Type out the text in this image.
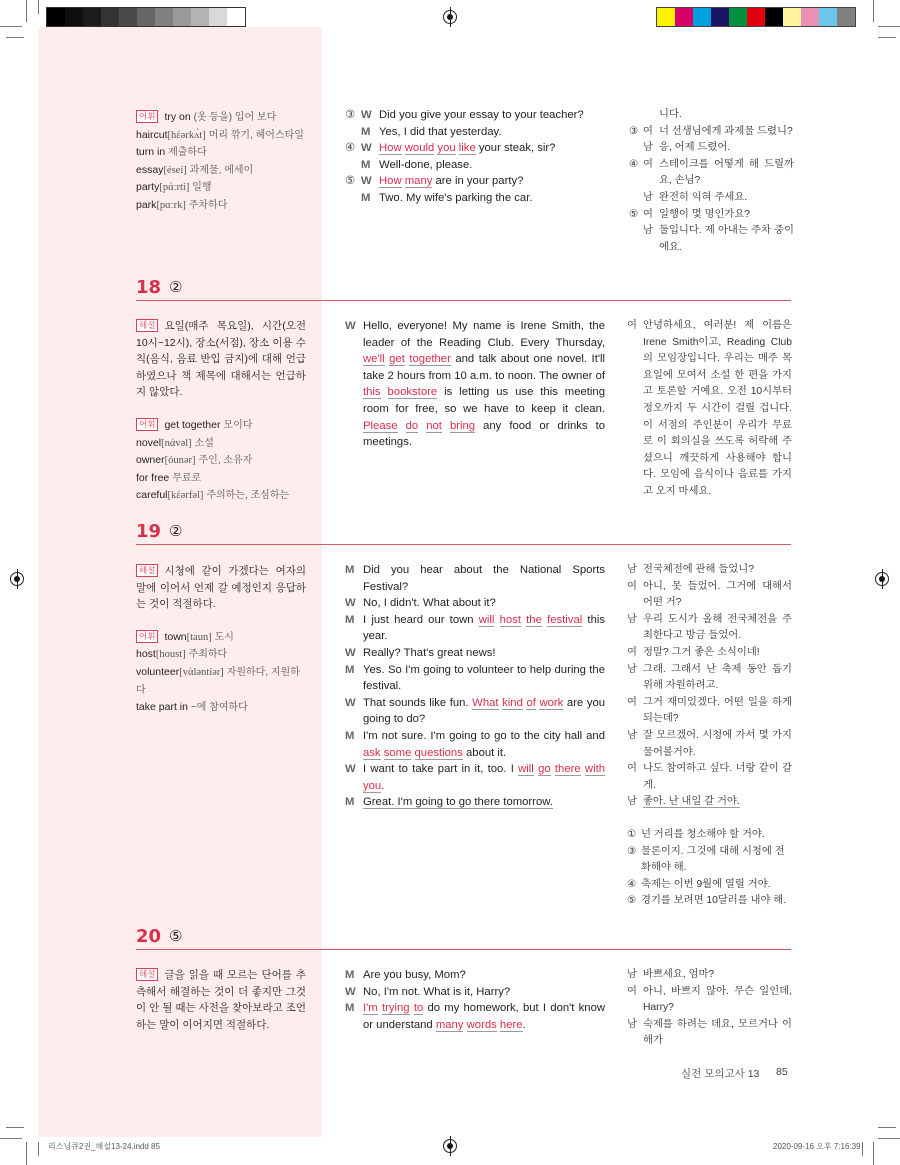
어휘 try on (옷 등을) 입어 보다
haircut[hέərkʌ̀t] 머리 깎기, 헤어스타일
turn in 제출하다
essay[ései] 과제물, 에세이
party[pάːrti] 일행
park[pɑːrk] 주차하다
③ W Did you give your essay to your teacher?
M Yes, I did that yesterday.
④ W How would you like your steak, sir?
M Well-done, please.
⑤ W How many are in your party?
M Two. My wife's parking the car.
니다.
③ 여 너 선생님에게 과제물 드렸니?
남 응, 어제 드렸어.
④ 여 스테이크를 어떻게 해 드릴까요, 손님?
남 완전히 익혀 주세요.
⑤ 여 일행이 몇 명인가요?
남 둘입니다. 제 아내는 주차 중이에요.
18 ②
해설 요일(매주 목요일), 시간(오전 10시~12시), 장소(서점), 장소 이용 수칙(음식, 음료 반입 금지)에 대해 언급하였으나 책 제목에 대해서는 언급하지 않았다.
어휘 get together 모이다
novel[nάvəl] 소설
owner[óunər] 주인, 소유자
for free 무료로
careful[kέərfəl] 주의하는, 조심하는
W Hello, everyone! My name is Irene Smith, the leader of the Reading Club. Every Thursday, we'll get together and talk about one novel. It'll take 2 hours from 10 a.m. to noon. The owner of this bookstore is letting us use this meeting room for free, so we have to keep it clean. Please do not bring any food or drinks to meetings.
여 안녕하세요, 여러분! 제 이름은 Irene Smith이고, Reading Club의 모임장입니다. 우리는 매주 목요일에 모여서 소설 한 편을 가지고 토론할 거예요. 오전 10시부터 정오까지 두 시간이 걸릴 겁니다. 이 서점의 주인분이 우리가 무료로 이 회의실을 쓰도록 허락해 주셨으니 깨끗하게 사용해야 합니다. 모임에 음식이나 음료를 가지고 오지 마세요.
19 ②
해설 시청에 같이 가겠다는 여자의 말에 이어서 언제 갈 예정인지 응답하는 것이 적절하다.
어휘 town[taun] 도시
host[houst] 주최하다
volunteer[vὰləntíər] 자원하다, 지원하다
take part in ~에 참여하다
M Did you hear about the National Sports Festival?
W No, I didn't. What about it?
M I just heard our town will host the festival this year.
W Really? That's great news!
M Yes. So I'm going to volunteer to help during the festival.
W That sounds like fun. What kind of work are you going to do?
M I'm not sure. I'm going to go to the city hall and ask some questions about it.
W I want to take part in it, too. I will go there with you.
M Great. I'm going to go there tomorrow.
남 전국체전에 관해 들었니?
여 아니, 못 들었어. 그거에 대해서 어떤 거?
남 우리 도시가 올해 전국체전을 주최한다고 방금 들었어.
여 정말? 그거 좋은 소식이네!
남 그래. 그래서 난 축제 동안 돕기 위해 자원하려고.
여 그거 재미있겠다. 어떤 일을 하게 되는데?
남 잘 모르겠어. 시청에 가서 몇 가지 물어볼거야.
여 나도 참여하고 싶다. 너랑 같이 갈게.
남 좋아. 난 내일 갈 거야.
① 넌 거리를 청소해야 할 거야.
③ 물론이지. 그것에 대해 시청에 전화해야 해.
④ 축제는 이번 9월에 열릴 거야.
⑤ 경기를 보려면 10달러를 내야 해.
20 ⑤
해설 글을 읽을 때 모르는 단어를 추측해서 해결하는 것이 더 좋지만 그것이 안 될 때는 사전을 찾아보라고 조언하는 말이 이어지면 적절하다.
M Are you busy, Mom?
W No, I'm not. What is it, Harry?
M I'm trying to do my homework, but I don't know or understand many words here.
남 바쁘세요, 엄마?
여 아니, 바쁘지 않아. 무슨 일인데, Harry?
남 숙제를 하려는 데요, 모르거나 이해가
실전 모의고사 13 85
리스닝큐2권_해설13-24.indd 85	2020-09-16 오후 7:16:39
